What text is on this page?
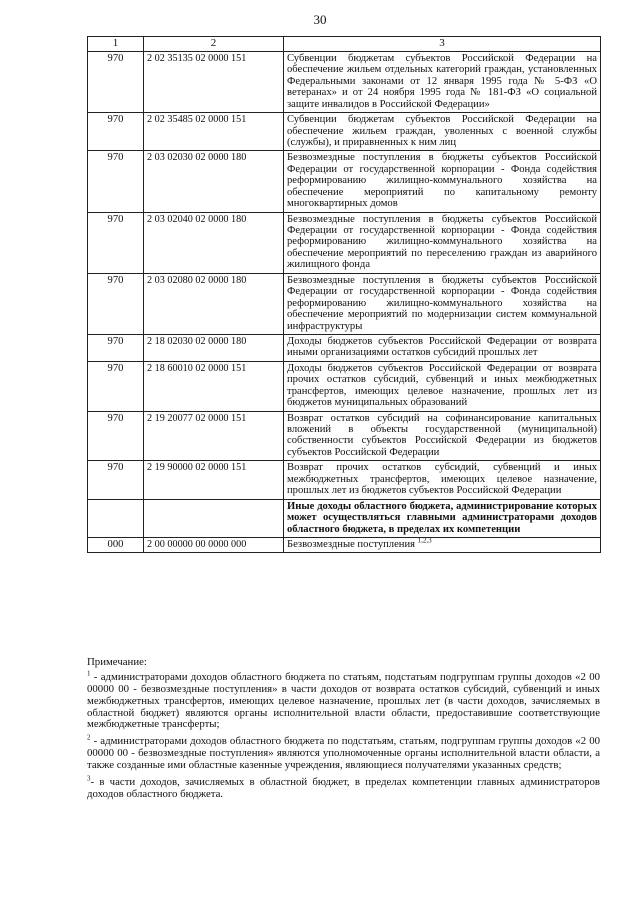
30
1	2	3
970	2 02 35135 02 0000 151	Субвенции бюджетам субъектов Российской Федерации на обеспечение жильем отдельных категорий граждан, установленных Федеральными законами от 12 января 1995 года № 5-ФЗ «О ветеранах» и от 24 ноября 1995 года № 181-ФЗ «О социальной защите инвалидов в Российской Федерации»
970	2 02 35485 02 0000 151	Субвенции бюджетам субъектов Российской Федерации на обеспечение жильем граждан, уволенных с военной службы (службы), и приравненных к ним лиц
970	2 03 02030 02 0000 180	Безвозмездные поступления в бюджеты субъектов Российской Федерации от государственной корпорации - Фонда содействия реформированию жилищно-коммунального хозяйства на обеспечение мероприятий по капитальному ремонту многоквартирных домов
970	2 03 02040 02 0000 180	Безвозмездные поступления в бюджеты субъектов Российской Федерации от государственной корпорации - Фонда содействия реформированию жилищно-коммунального хозяйства на обеспечение мероприятий по переселению граждан из аварийного жилищного фонда
970	2 03 02080 02 0000 180	Безвозмездные поступления в бюджеты субъектов Российской Федерации от государственной корпорации - Фонда содействия реформированию жилищно-коммунального хозяйства на обеспечение мероприятий по модернизации систем коммунальной инфраструктуры
970	2 18 02030 02 0000 180	Доходы бюджетов субъектов Российской Федерации от возврата иными организациями остатков субсидий прошлых лет
970	2 18 60010 02 0000 151	Доходы бюджетов субъектов Российской Федерации от возврата прочих остатков субсидий, субвенций и иных межбюджетных трансфертов, имеющих целевое назначение, прошлых лет из бюджетов муниципальных образований
970	2 19 20077 02 0000 151	Возврат остатков субсидий на софинансирование капитальных вложений в объекты государственной (муниципальной) собственности субъектов Российской Федерации из бюджетов субъектов Российской Федерации
970	2 19 90000 02 0000 151	Возврат прочих остатков субсидий, субвенций и иных межбюджетных трансфертов, имеющих целевое назначение, прошлых лет из бюджетов субъектов Российской Федерации
		Иные доходы областного бюджета, администрирование которых может осуществляться главными администраторами доходов областного бюджета, в пределах их компетенции
000	2 00 00000 00 0000 000	Безвозмездные поступления $^{1,2,3}$
Примечание:

$^1$ - администраторами доходов областного бюджета по статьям, подстатьям подгруппам группы доходов «2 00 00000 00 - безвозмездные поступления» в части доходов от возврата остатков субсидий, субвенций и иных межбюджетных трансфертов, имеющих целевое назначение, прошлых лет (в части доходов, зачисляемых в областной бюджет) являются органы исполнительной власти области, предоставившие соответствующие межбюджетные трансферты;

$^2$ - администраторами доходов областного бюджета по подстатьям, статьям, подгруппам группы доходов «2 00 00000 00 - безвозмездные поступления» являются уполномоченные органы исполнительной власти области, а также созданные ими областные казенные учреждения, являющиеся получателями указанных средств;

$^3$- в части доходов, зачисляемых в областной бюджет, в пределах компетенции главных администраторов доходов областного бюджета.
